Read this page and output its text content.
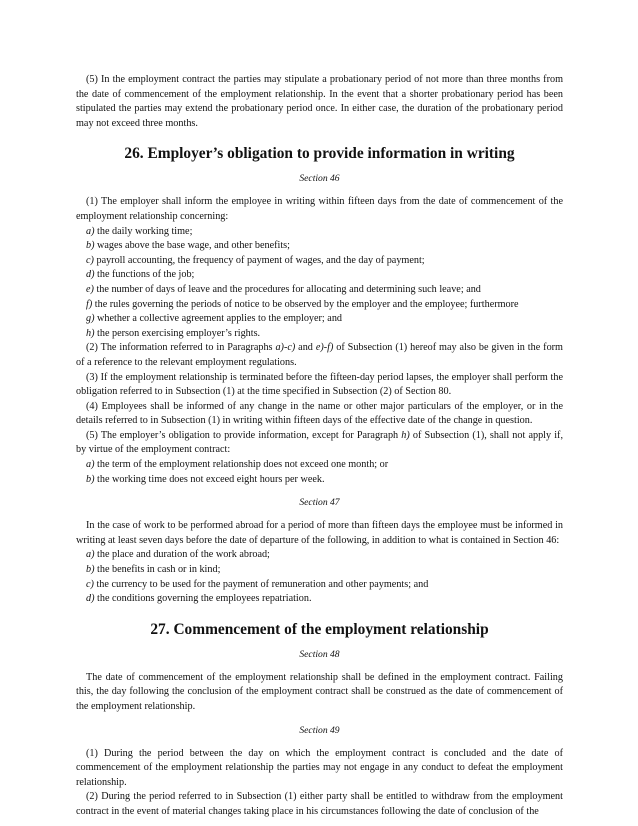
(5) In the employment contract the parties may stipulate a probationary period of not more than three months from the date of commencement of the employment relationship. In the event that a shorter probationary period has been stipulated the parties may extend the probationary period once. In either case, the duration of the probationary period may not exceed three months.

26. Employer’s obligation to provide information in writing

Section 46

(1) The employer shall inform the employee in writing within fifteen days from the date of commencement of the employment relationship concerning:

a) the daily working time;

b) wages above the base wage, and other benefits;

c) payroll accounting, the frequency of payment of wages, and the day of payment;

d) the functions of the job;

e) the number of days of leave and the procedures for allocating and determining such leave; and

f) the rules governing the periods of notice to be observed by the employer and the employee; furthermore

g) whether a collective agreement applies to the employer; and

h) the person exercising employer’s rights.

(2) The information referred to in Paragraphs a)-c) and e)-f) of Subsection (1) hereof may also be given in the form of a reference to the relevant employment regulations.

(3) If the employment relationship is terminated before the fifteen-day period lapses, the employer shall perform the obligation referred to in Subsection (1) at the time specified in Subsection (2) of Section 80.

(4) Employees shall be informed of any change in the name or other major particulars of the employer, or in the details referred to in Subsection (1) in writing within fifteen days of the effective date of the change in question.

(5) The employer’s obligation to provide information, except for Paragraph h) of Subsection (1), shall not apply if, by virtue of the employment contract:

a) the term of the employment relationship does not exceed one month; or

b) the working time does not exceed eight hours per week.

Section 47

In the case of work to be performed abroad for a period of more than fifteen days the employee must be informed in writing at least seven days before the date of departure of the following, in addition to what is contained in Section 46:

a) the place and duration of the work abroad;

b) the benefits in cash or in kind;

c) the currency to be used for the payment of remuneration and other payments; and

d) the conditions governing the employees repatriation.

27. Commencement of the employment relationship

Section 48

The date of commencement of the employment relationship shall be defined in the employment contract. Failing this, the day following the conclusion of the employment contract shall be construed as the date of commencement of the employment relationship.

Section 49

(1) During the period between the day on which the employment contract is concluded and the date of commencement of the employment relationship the parties may not engage in any conduct to defeat the employment relationship.

(2) During the period referred to in Subsection (1) either party shall be entitled to withdraw from the employment contract in the event of material changes taking place in his circumstances following the date of conclusion of the
